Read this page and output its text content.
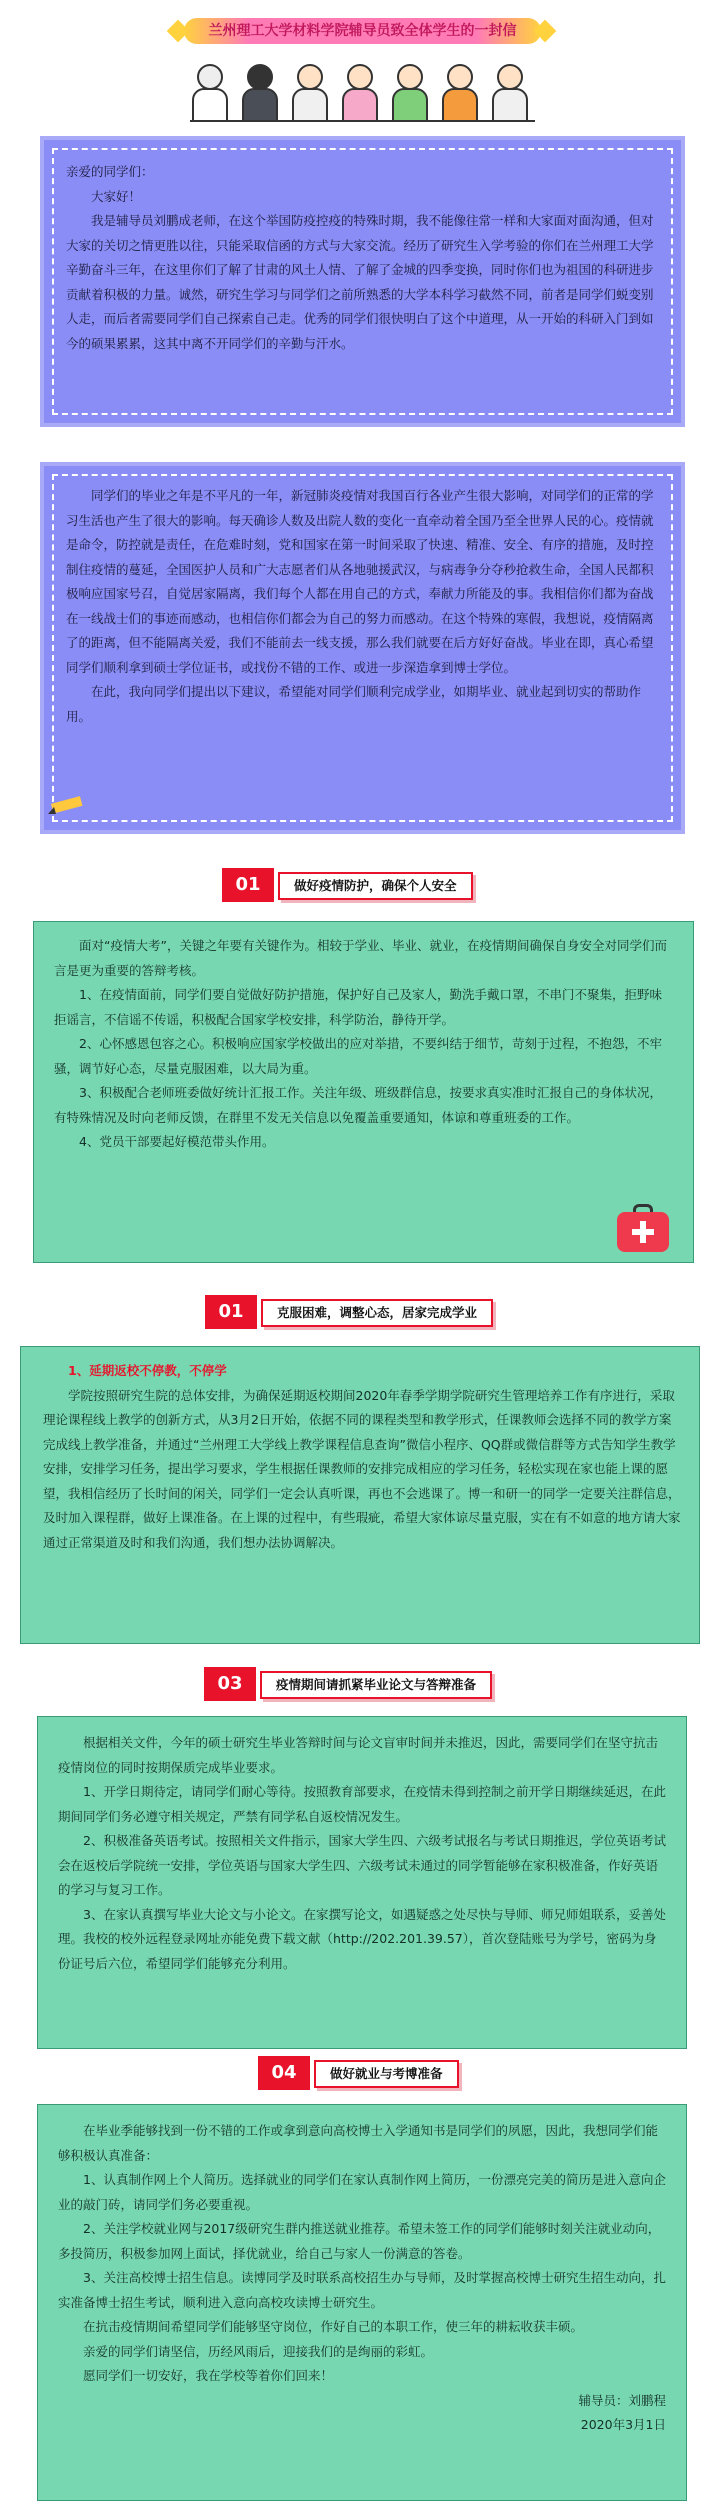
兰州理工大学材料学院辅导员致全体学生的一封信

亲爱的同学们：

大家好！

我是辅导员刘鹏成老师，在这个举国防疫控疫的特殊时期，我不能像往常一样和大家面对面沟通，但对大家的关切之情更胜以往，只能采取信函的方式与大家交流。经历了研究生入学考验的你们在兰州理工大学辛勤奋斗三年，在这里你们了解了甘肃的风土人情、了解了金城的四季变换，同时你们也为祖国的科研进步贡献着积极的力量。诚然，研究生学习与同学们之前所熟悉的大学本科学习截然不同，前者是同学们蜕变别人走，而后者需要同学们自己探索自己走。优秀的同学们很快明白了这个中道理，从一开始的科研入门到如今的硕果累累，这其中离不开同学们的辛勤与汗水。

同学们的毕业之年是不平凡的一年，新冠肺炎疫情对我国百行各业产生很大影响，对同学们的正常的学习生活也产生了很大的影响。每天确诊人数及出院人数的变化一直牵动着全国乃至全世界人民的心。疫情就是命令，防控就是责任，在危难时刻，党和国家在第一时间采取了快速、精准、安全、有序的措施，及时控制住疫情的蔓延，全国医护人员和广大志愿者们从各地驰援武汉，与病毒争分夺秒抢救生命，全国人民都积极响应国家号召，自觉居家隔离，我们每个人都在用自己的方式，奉献力所能及的事。我相信你们都为奋战在一线战士们的事迹而感动，也相信你们都会为自己的努力而感动。在这个特殊的寒假，我想说，疫情隔离了的距离，但不能隔离关爱，我们不能前去一线支援，那么我们就要在后方好好奋战。毕业在即，真心希望同学们顺利拿到硕士学位证书，或找份不错的工作、或进一步深造拿到博士学位。

在此，我向同学们提出以下建议，希望能对同学们顺利完成学业，如期毕业、就业起到切实的帮助作用。

01	做好疫情防护，确保个人安全

面对“疫情大考”，关键之年要有关键作为。相较于学业、毕业、就业，在疫情期间确保自身安全对同学们而言是更为重要的答辩考核。

1、在疫情面前，同学们要自觉做好防护措施，保护好自己及家人，勤洗手戴口罩，不串门不聚集，拒野味拒谣言，不信谣不传谣，积极配合国家学校安排，科学防治，静待开学。

2、心怀感恩包容之心。积极响应国家学校做出的应对举措，不要纠结于细节，苛刻于过程，不抱怨，不牢骚，调节好心态，尽量克服困难，以大局为重。

3、积极配合老师班委做好统计汇报工作。关注年级、班级群信息，按要求真实准时汇报自己的身体状况，有特殊情况及时向老师反馈，在群里不发无关信息以免覆盖重要通知，体谅和尊重班委的工作。

4、党员干部要起好模范带头作用。

01	克服困难，调整心态，居家完成学业

1、延期返校不停教，不停学

学院按照研究生院的总体安排，为确保延期返校期间2020年春季学期学院研究生管理培养工作有序进行，采取理论课程线上教学的创新方式，从3月2日开始，依据不同的课程类型和教学形式，任课教师会选择不同的教学方案完成线上教学准备，并通过“兰州理工大学线上教学课程信息查询”微信小程序、QQ群或微信群等方式告知学生教学安排，安排学习任务，提出学习要求，学生根据任课教师的安排完成相应的学习任务，轻松实现在家也能上课的愿望，我相信经历了长时间的闲关，同学们一定会认真听课，再也不会逃课了。博一和研一的同学一定要关注群信息，及时加入课程群，做好上课准备。在上课的过程中，有些瑕疵，希望大家体谅尽量克服，实在有不如意的地方请大家通过正常渠道及时和我们沟通，我们想办法协调解决。

03	疫情期间请抓紧毕业论文与答辩准备

根据相关文件，今年的硕士研究生毕业答辩时间与论文盲审时间并未推迟，因此，需要同学们在坚守抗击疫情岗位的同时按期保质完成毕业要求。

1、开学日期待定，请同学们耐心等待。按照教育部要求，在疫情未得到控制之前开学日期继续延迟，在此期间同学们务必遵守相关规定，严禁有同学私自返校情况发生。

2、积极准备英语考试。按照相关文件指示，国家大学生四、六级考试报名与考试日期推迟，学位英语考试会在返校后学院统一安排，学位英语与国家大学生四、六级考试未通过的同学暂能够在家积极准备，作好英语的学习与复习工作。

3、在家认真撰写毕业大论文与小论文。在家撰写论文，如遇疑惑之处尽快与导师、师兄师姐联系，妥善处理。我校的校外远程登录网址亦能免费下载文献（http://202.201.39.57），首次登陆账号为学号，密码为身份证号后六位，希望同学们能够充分利用。

04	做好就业与考博准备

在毕业季能够找到一份不错的工作或拿到意向高校博士入学通知书是同学们的夙愿，因此，我想同学们能够积极认真准备：

1、认真制作网上个人简历。选择就业的同学们在家认真制作网上简历，一份漂亮完美的简历是进入意向企业的敲门砖，请同学们务必要重视。

2、关注学校就业网与2017级研究生群内推送就业推荐。希望未签工作的同学们能够时刻关注就业动向，多投简历，积极参加网上面试，择优就业，给自己与家人一份满意的答卷。

3、关注高校博士招生信息。读博同学及时联系高校招生办与导师，及时掌握高校博士研究生招生动向，扎实准备博士招生考试，顺利进入意向高校攻读博士研究生。

在抗击疫情期间希望同学们能够坚守岗位，作好自己的本职工作，使三年的耕耘收获丰硕。

亲爱的同学们请坚信，历经风雨后，迎接我们的是绚丽的彩虹。

愿同学们一切安好，我在学校等着你们回来！

辅导员：刘鹏程

2020年3月1日
